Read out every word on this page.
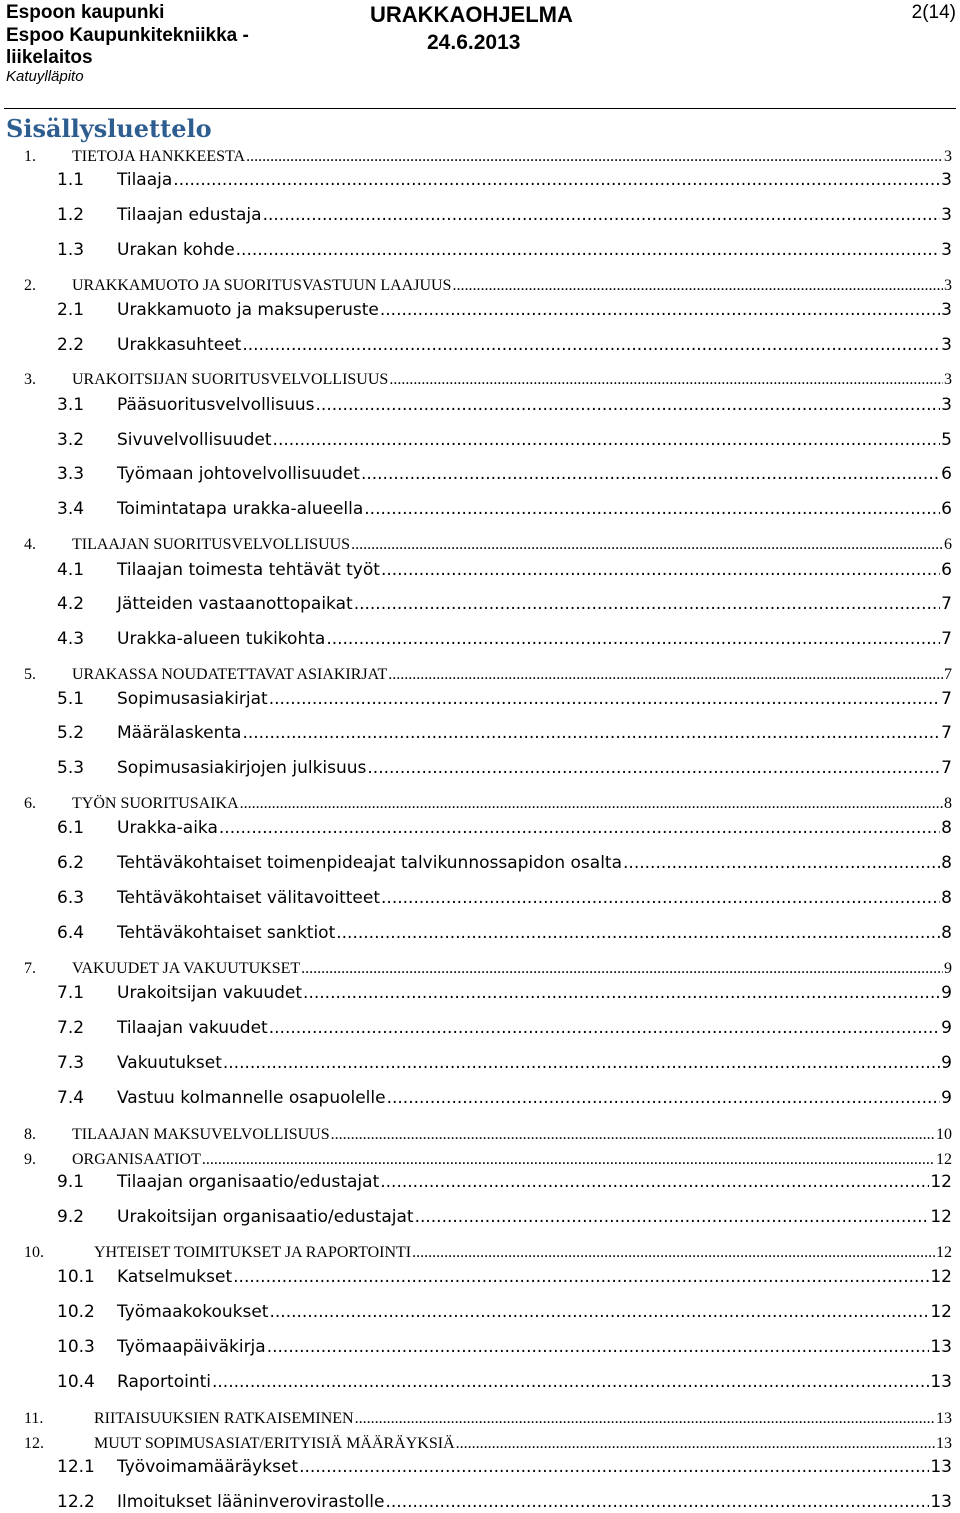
Espoon kaupunki
Espoo Kaupunkitekniikka - liikelaitos
Katuylläpito
URAKKAOHJELMA
24.6.2013
2(14)
Sisällysluettelo
1.	TIETOJA HANKKEESTA .....	3
1.1	Tilaaja .....	3
1.2	Tilaajan edustaja .....	3
1.3	Urakan kohde .....	3
2.	URAKKAMUOTO JA SUORITUSVASTUUN LAAJUUS .....	3
2.1	Urakkamuoto ja maksuperuste .....	3
2.2	Urakkasuhteet .....	3
3.	URAKOITSIJAN SUORITUSVELVOLLISUUS .....	3
3.1	Pääsuoritusvelvollisuus .....	3
3.2	Sivuvelvollisuudet .....	5
3.3	Työmaan johtovelvollisuudet .....	6
3.4	Toimintatapa urakka-alueella .....	6
4.	TILAAJAN SUORITUSVELVOLLISUUS .....	6
4.1	Tilaajan toimesta tehtävät työt .....	6
4.2	Jätteiden vastaanottopaikat .....	7
4.3	Urakka-alueen tukikohta .....	7
5.	URAKASSA NOUDATETTAVAT ASIAKIRJAT .....	7
5.1	Sopimusasiakirjat .....	7
5.2	Määrälaskenta .....	7
5.3	Sopimusasiakirjojen julkisuus .....	7
6.	TYÖN SUORITUSAIKA .....	8
6.1	Urakka-aika .....	8
6.2	Tehtäväkohtaiset toimenpideajat talvikunnossapidon osalta .....	8
6.3	Tehtäväkohtaiset välitavoitteet .....	8
6.4	Tehtäväkohtaiset sanktiot .....	8
7.	VAKUUDET JA VAKUUTUKSET .....	9
7.1	Urakoitsijan vakuudet .....	9
7.2	Tilaajan vakuudet .....	9
7.3	Vakuutukset .....	9
7.4	Vastuu kolmannelle osapuolelle .....	9
8.	TILAAJAN MAKSUVELVOLLISUUS .....	10
9.	ORGANISAATIOT .....	12
9.1	Tilaajan organisaatio/edustajat .....	12
9.2	Urakoitsijan organisaatio/edustajat .....	12
10.	YHTEISET TOIMITUKSET JA RAPORTOINTI .....	12
10.1	Katselmukset .....	12
10.2	Työmaakokoukset .....	12
10.3	Työmaapäiväkirja .....	13
10.4	Raportointi .....	13
11.	RIITAISUUKSIEN RATKAISEMINEN .....	13
12.	MUUT SOPIMUSASIAT/ERITYISIÄ MÄÄRÄYKSIÄ .....	13
12.1	Työvoimamääräykset .....	13
12.2	Ilmoitukset lääninverovirastolle .....	13
